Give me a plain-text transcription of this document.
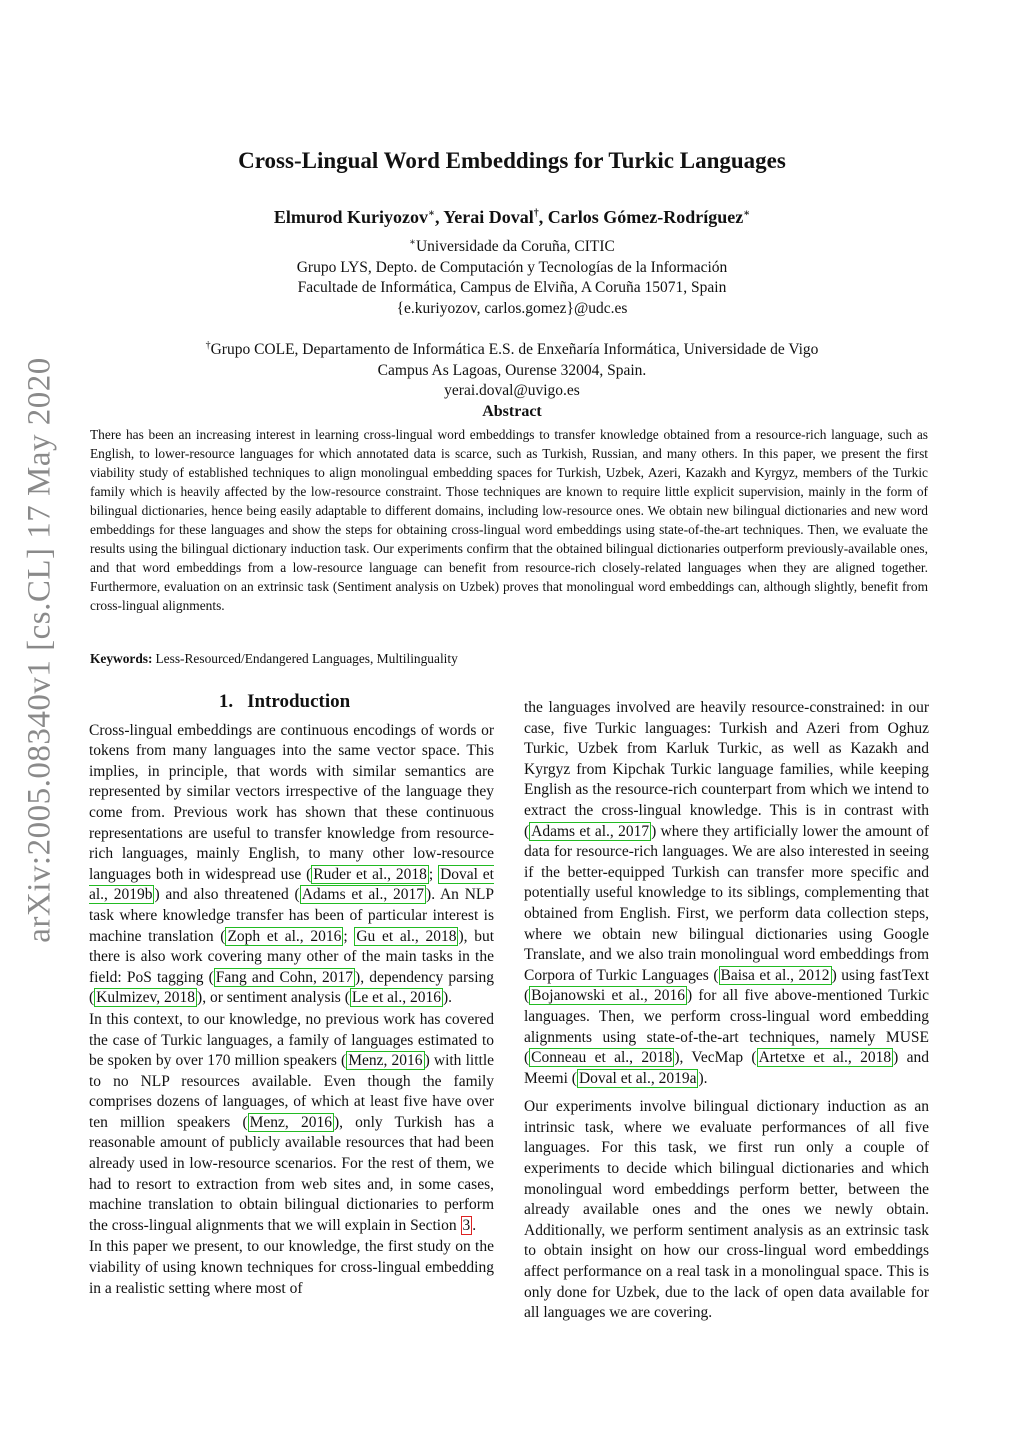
arXiv:2005.08340v1 [cs.CL] 17 May 2020
Cross-Lingual Word Embeddings for Turkic Languages
Elmurod Kuriyozov∗, Yerai Doval†, Carlos Gómez-Rodríguez∗
∗Universidade da Coruña, CITIC
Grupo LYS, Depto. de Computación y Tecnologías de la Información
Facultade de Informática, Campus de Elviña, A Coruña 15071, Spain
{e.kuriyozov, carlos.gomez}@udc.es
†Grupo COLE, Departamento de Informática E.S. de Enxeñaría Informática, Universidade de Vigo
Campus As Lagoas, Ourense 32004, Spain.
yerai.doval@uvigo.es
Abstract
There has been an increasing interest in learning cross-lingual word embeddings to transfer knowledge obtained from a resource-rich language, such as English, to lower-resource languages for which annotated data is scarce, such as Turkish, Russian, and many others. In this paper, we present the first viability study of established techniques to align monolingual embedding spaces for Turkish, Uzbek, Azeri, Kazakh and Kyrgyz, members of the Turkic family which is heavily affected by the low-resource constraint. Those techniques are known to require little explicit supervision, mainly in the form of bilingual dictionaries, hence being easily adaptable to different domains, including low-resource ones. We obtain new bilingual dictionaries and new word embeddings for these languages and show the steps for obtaining cross-lingual word embeddings using state-of-the-art techniques. Then, we evaluate the results using the bilingual dictionary induction task. Our experiments confirm that the obtained bilingual dictionaries outperform previously-available ones, and that word embeddings from a low-resource language can benefit from resource-rich closely-related languages when they are aligned together. Furthermore, evaluation on an extrinsic task (Sentiment analysis on Uzbek) proves that monolingual word embeddings can, although slightly, benefit from cross-lingual alignments.
Keywords: Less-Resourced/Endangered Languages, Multilinguality
1. Introduction

Cross-lingual embeddings are continuous encodings of words or tokens from many languages into the same vector space. This implies, in principle, that words with similar semantics are represented by similar vectors irrespective of the language they come from. Previous work has shown that these continuous representations are useful to transfer knowledge from resource-rich languages, mainly English, to many other low-resource languages both in widespread use ( Ruder et al., 2018 ; Doval et al., 2019b ) and also threatened ( Adams et al., 2017 ). An NLP task where knowledge transfer has been of particular interest is machine translation ( Zoph et al., 2016 ; Gu et al., 2018 ), but there is also work covering many other of the main tasks in the field: PoS tagging ( Fang and Cohn, 2017 ), dependency parsing ( Kulmizev, 2018 ), or sentiment analysis ( Le et al., 2016 ).

In this context, to our knowledge, no previous work has covered the case of Turkic languages, a family of languages estimated to be spoken by over 170 million speakers ( Menz, 2016 ) with little to no NLP resources available. Even though the family comprises dozens of languages, of which at least five have over ten million speakers ( Menz, 2016 ), only Turkish has a reasonable amount of publicly available resources that had been already used in low-resource scenarios. For the rest of them, we had to resort to extraction from web sites and, in some cases, machine translation to obtain bilingual dictionaries to perform the cross-lingual alignments that we will explain in Section 3 .

In this paper we present, to our knowledge, the first study on the viability of using known techniques for cross-lingual embedding in a realistic setting where most of

the languages involved are heavily resource-constrained: in our case, five Turkic languages: Turkish and Azeri from Oghuz Turkic, Uzbek from Karluk Turkic, as well as Kazakh and Kyrgyz from Kipchak Turkic language families, while keeping English as the resource-rich counterpart from which we intend to extract the cross-lingual knowledge. This is in contrast with ( Adams et al., 2017 ) where they artificially lower the amount of data for resource-rich languages. We are also interested in seeing if the better-equipped Turkish can transfer more specific and potentially useful knowledge to its siblings, complementing that obtained from English. First, we perform data collection steps, where we obtain new bilingual dictionaries using Google Translate, and we also train monolingual word embeddings from Corpora of Turkic Languages ( Baisa et al., 2012 ) using fastText ( Bojanowski et al., 2016 ) for all five above-mentioned Turkic languages. Then, we perform cross-lingual word embedding alignments using state-of-the-art techniques, namely MUSE ( Conneau et al., 2018 ), VecMap ( Artetxe et al., 2018 ) and Meemi ( Doval et al., 2019a ).

Our experiments involve bilingual dictionary induction as an intrinsic task, where we evaluate performances of all five languages. For this task, we first run only a couple of experiments to decide which bilingual dictionaries and which monolingual word embeddings perform better, between the already available ones and the ones we newly obtain. Additionally, we perform sentiment analysis as an extrinsic task to obtain insight on how our cross-lingual word embeddings affect performance on a real task in a monolingual space. This is only done for Uzbek, due to the lack of open data available for all languages we are covering.
